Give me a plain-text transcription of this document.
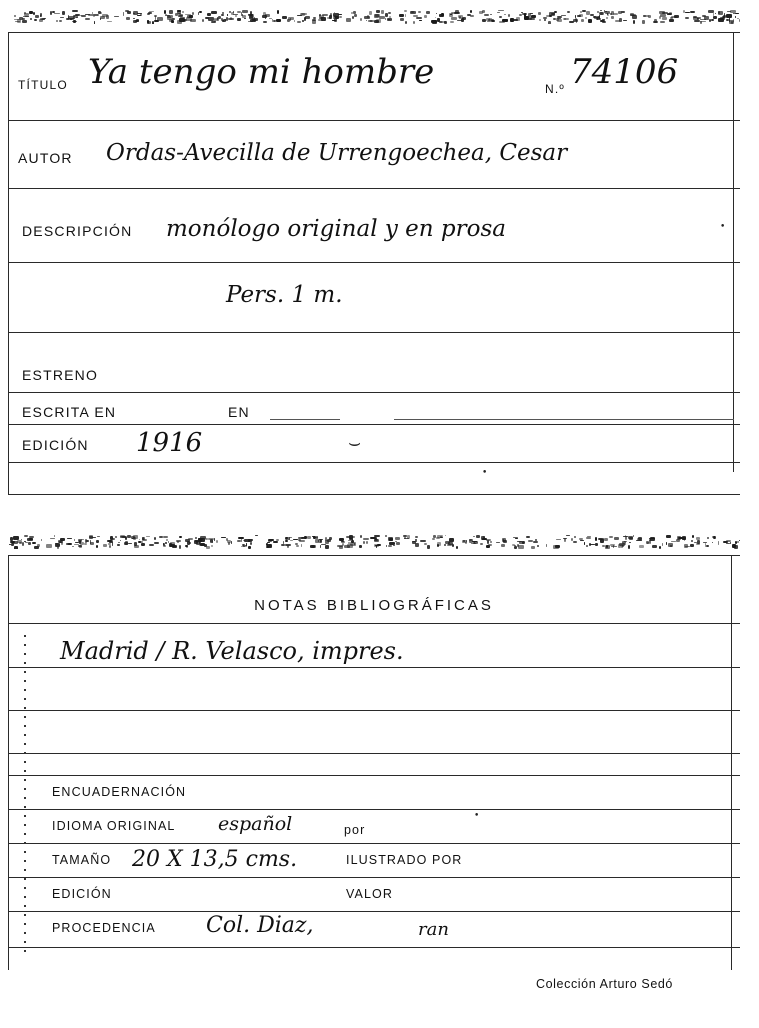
TÍTULO Ya tengo mi hombre	N.º 74106
AUTOR Ordas-Avecilla de Urrengoechea, Cesar
DESCRIPCIÓN monólogo original y en prosa
Pers. 1 m.
ESTRENO
ESCRITA EN	EN
EDICIÓN 1916	⌣
•
•
NOTAS BIBLIOGRÁFICAS
Madrid / R. Velasco, impres.
ENCUADERNACIÓN
IDIOMA ORIGINAL español	por
TAMAÑO 20 X 13,5 cms.	ILUSTRADO POR
EDICIÓN	VALOR
PROCEDENCIA Col. Diaz,	ran
Colección Arturo Sedó
•
